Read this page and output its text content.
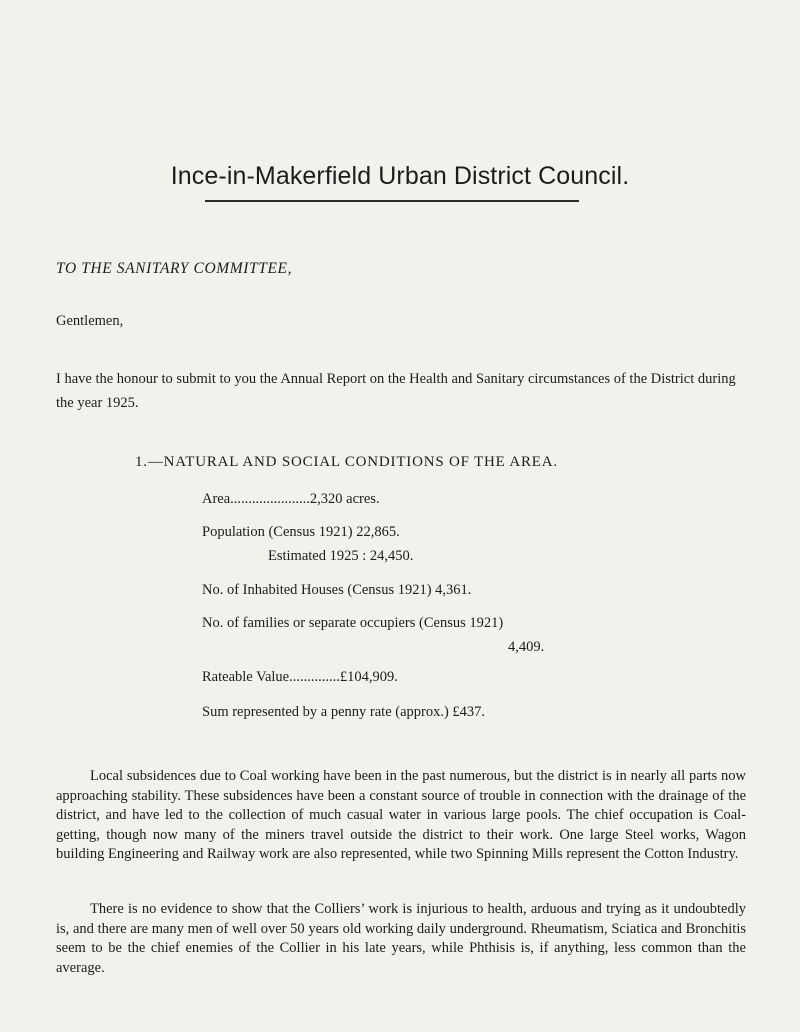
Ince-in-Makerfield Urban District Council.

TO THE SANITARY COMMITTEE,

Gentlemen,

I have the honour to submit to you the Annual Report on the Health and Sanitary circumstances of the District during the year 1925.

1.—NATURAL AND SOCIAL CONDITIONS OF THE AREA.

Area......................2,320 acres.

Population (Census 1921) 22,865.

Estimated 1925 : 24,450.

No. of Inhabited Houses (Census 1921) 4,361.

No. of families or separate occupiers (Census 1921)

4,409.

Rateable Value..............£104,909.

Sum represented by a penny rate (approx.) £437.

Local subsidences due to Coal working have been in the past numerous, but the district is in nearly all parts now approaching stability. These subsidences have been a constant source of trouble in connection with the drainage of the district, and have led to the collection of much casual water in various large pools. The chief occupation is Coal-getting, though now many of the miners travel outside the district to their work. One large Steel works, Wagon building Engineering and Railway work are also represented, while two Spinning Mills represent the Cotton Industry.

There is no evidence to show that the Colliers’ work is injurious to health, arduous and trying as it undoubtedly is, and there are many men of well over 50 years old working daily underground. Rheumatism, Sciatica and Bronchitis seem to be the chief enemies of the Collier in his late years, while Phthisis is, if anything, less common than the average.
